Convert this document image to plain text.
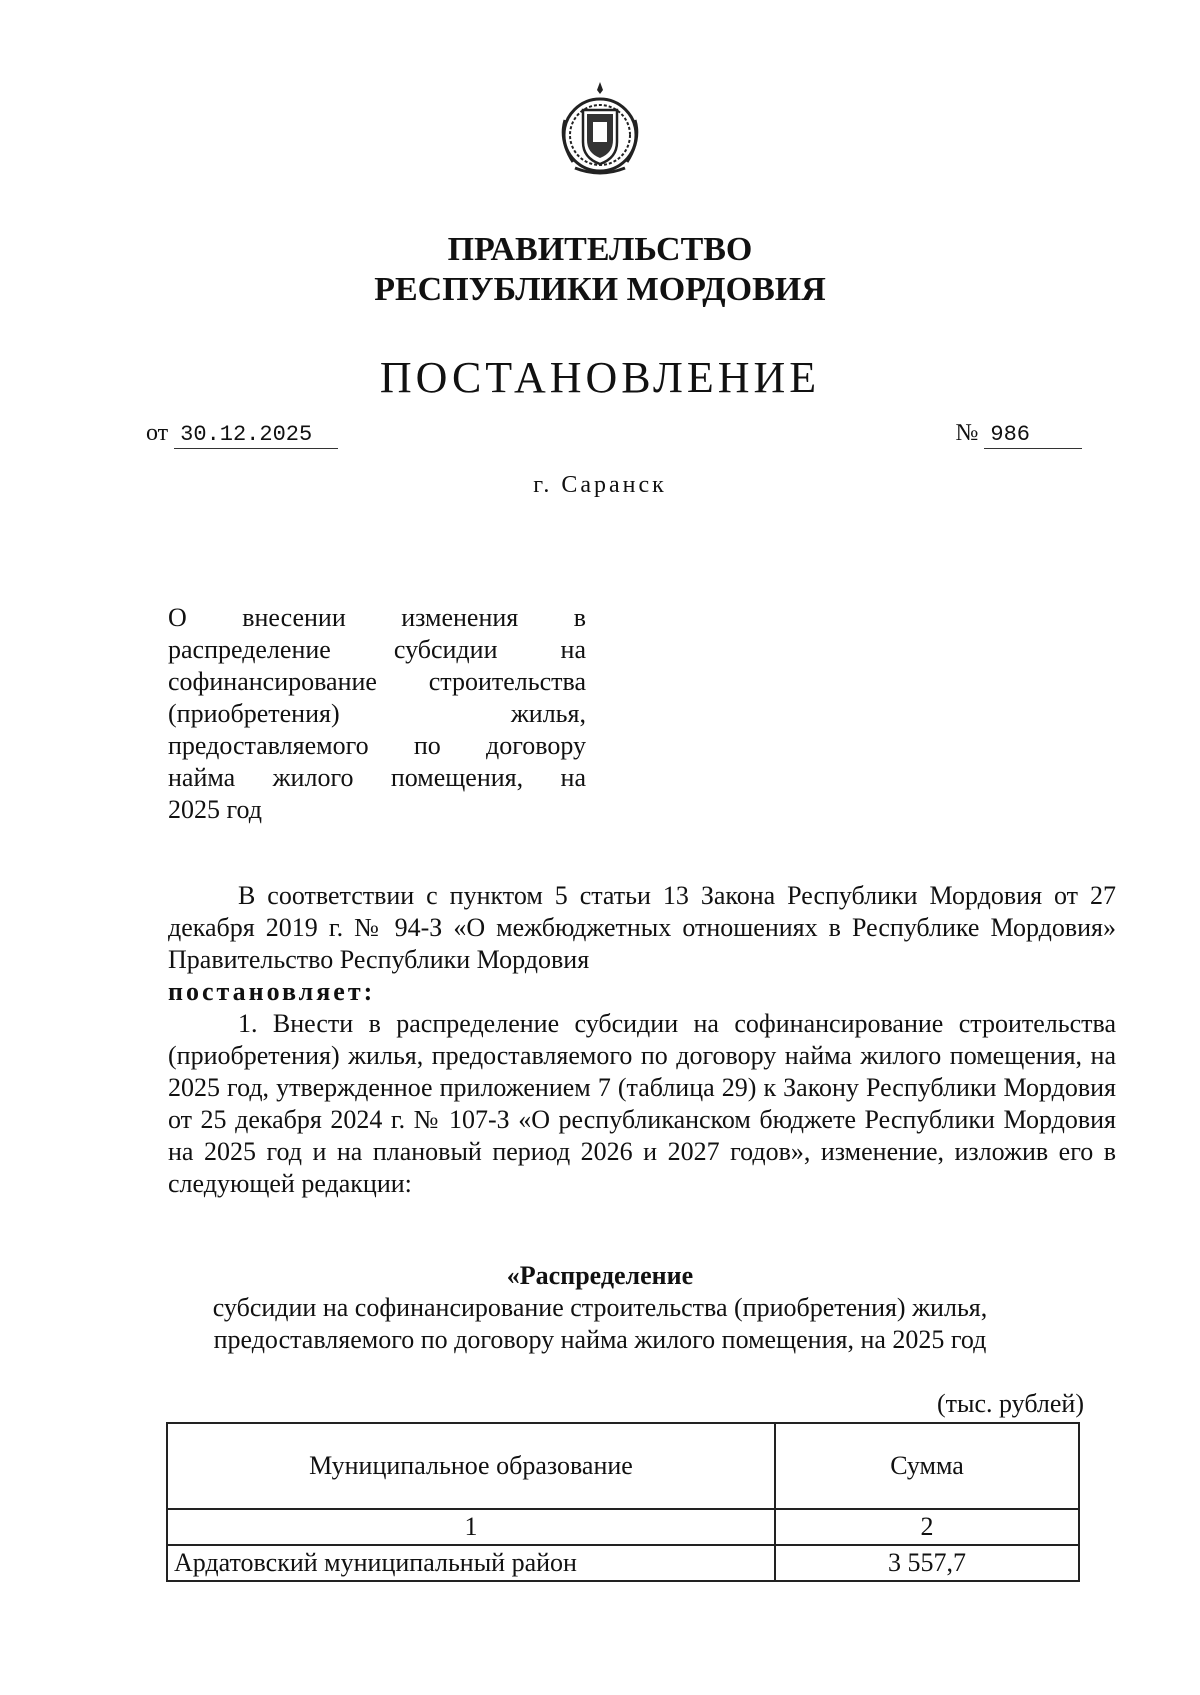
ПРАВИТЕЛЬСТВО
РЕСПУБЛИКИ МОРДОВИЯ
ПОСТАНОВЛЕНИЕ
от 30.12.2025	№ 986
г. Саранск

О внесении изменения в

распределение субсидии на

софинансирование строительства

(приобретения) жилья,

предоставляемого по договору

найма жилого помещения, на

2025 год

В соответствии с пунктом 5 статьи 13 Закона Республики Мордовия от 27 декабря 2019 г. № 94-З «О межбюджетных отношениях в Республике Мордовия» Правительство Республики Мордовия

постановляет:

1. Внести в распределение субсидии на софинансирование строительства (приобретения) жилья, предоставляемого по договору найма жилого помещения, на 2025 год, утвержденное приложением 7 (таблица 29) к Закону Республики Мордовия от 25 декабря 2024 г. № 107-З «О республиканском бюджете Республики Мордовия на 2025 год и на плановый период 2026 и 2027 годов», изменение, изложив его в следующей редакции:

«Распределение
субсидии на софинансирование строительства (приобретения) жилья,
предоставляемого по договору найма жилого помещения, на 2025 год
(тыс. рублей)
Муниципальное образование	Сумма
1	2
Ардатовский муниципальный район	3 557,7
